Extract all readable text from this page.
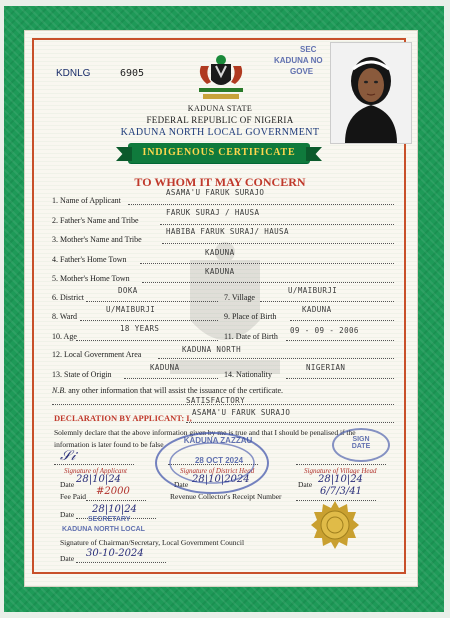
KDNLG	6905
KADUNA STATE
FEDERAL REPUBLIC OF NIGERIA
KADUNA NORTH LOCAL GOVERNMENT
SEC
KADUNA NO
GOVE
INDIGENOUS CERTIFICATE
TO WHOM IT MAY CONCERN
1. Name of Applicant
ASAMA'U FARUK SURAJO
2. Father's Name and Tribe
FARUK SURAJ / HAUSA
3. Mother's Name and Tribe
HABIBA FARUK SURAJ/ HAUSA
4. Father's Home Town
KADUNA
5. Mother's Home Town
KADUNA
6. District
DOKA
7. Village
U/MAIBURJI
8. Ward
U/MAIBURJI
9. Place of Birth
KADUNA
10. Age
18 YEARS
11. Date of Birth
09 - 09 - 2006
12. Local Government Area
KADUNA NORTH
13. State of Origin
KADUNA
14. Nationality
NIGERIAN
N.B. any other information that will assist the issuance of the certificate.
SATISFACTORY
DECLARATION BY APPLICANT: I,
ASAMA'U FARUK SURAJO
Solemnly declare that the above information given by me is true and that I should be penalised if the
information is later found to be false
𝒮𝒾
Signature of Applicant
Date 28|10|24
Signature of District Head
Date 28|10|2024
Signature of Village Head
Date 28|10|24
KADUNA ZAZZAU
28 OCT 2024
SIGN
DATE
Fee Paid #2000	Revenue Collector's Receipt Number	6/7/3/41
Date 28|10|24
SECRETARY
KADUNA NORTH LOCAL
Signature of Chairman/Secretary, Local Government Council
Date 30-10-2024
